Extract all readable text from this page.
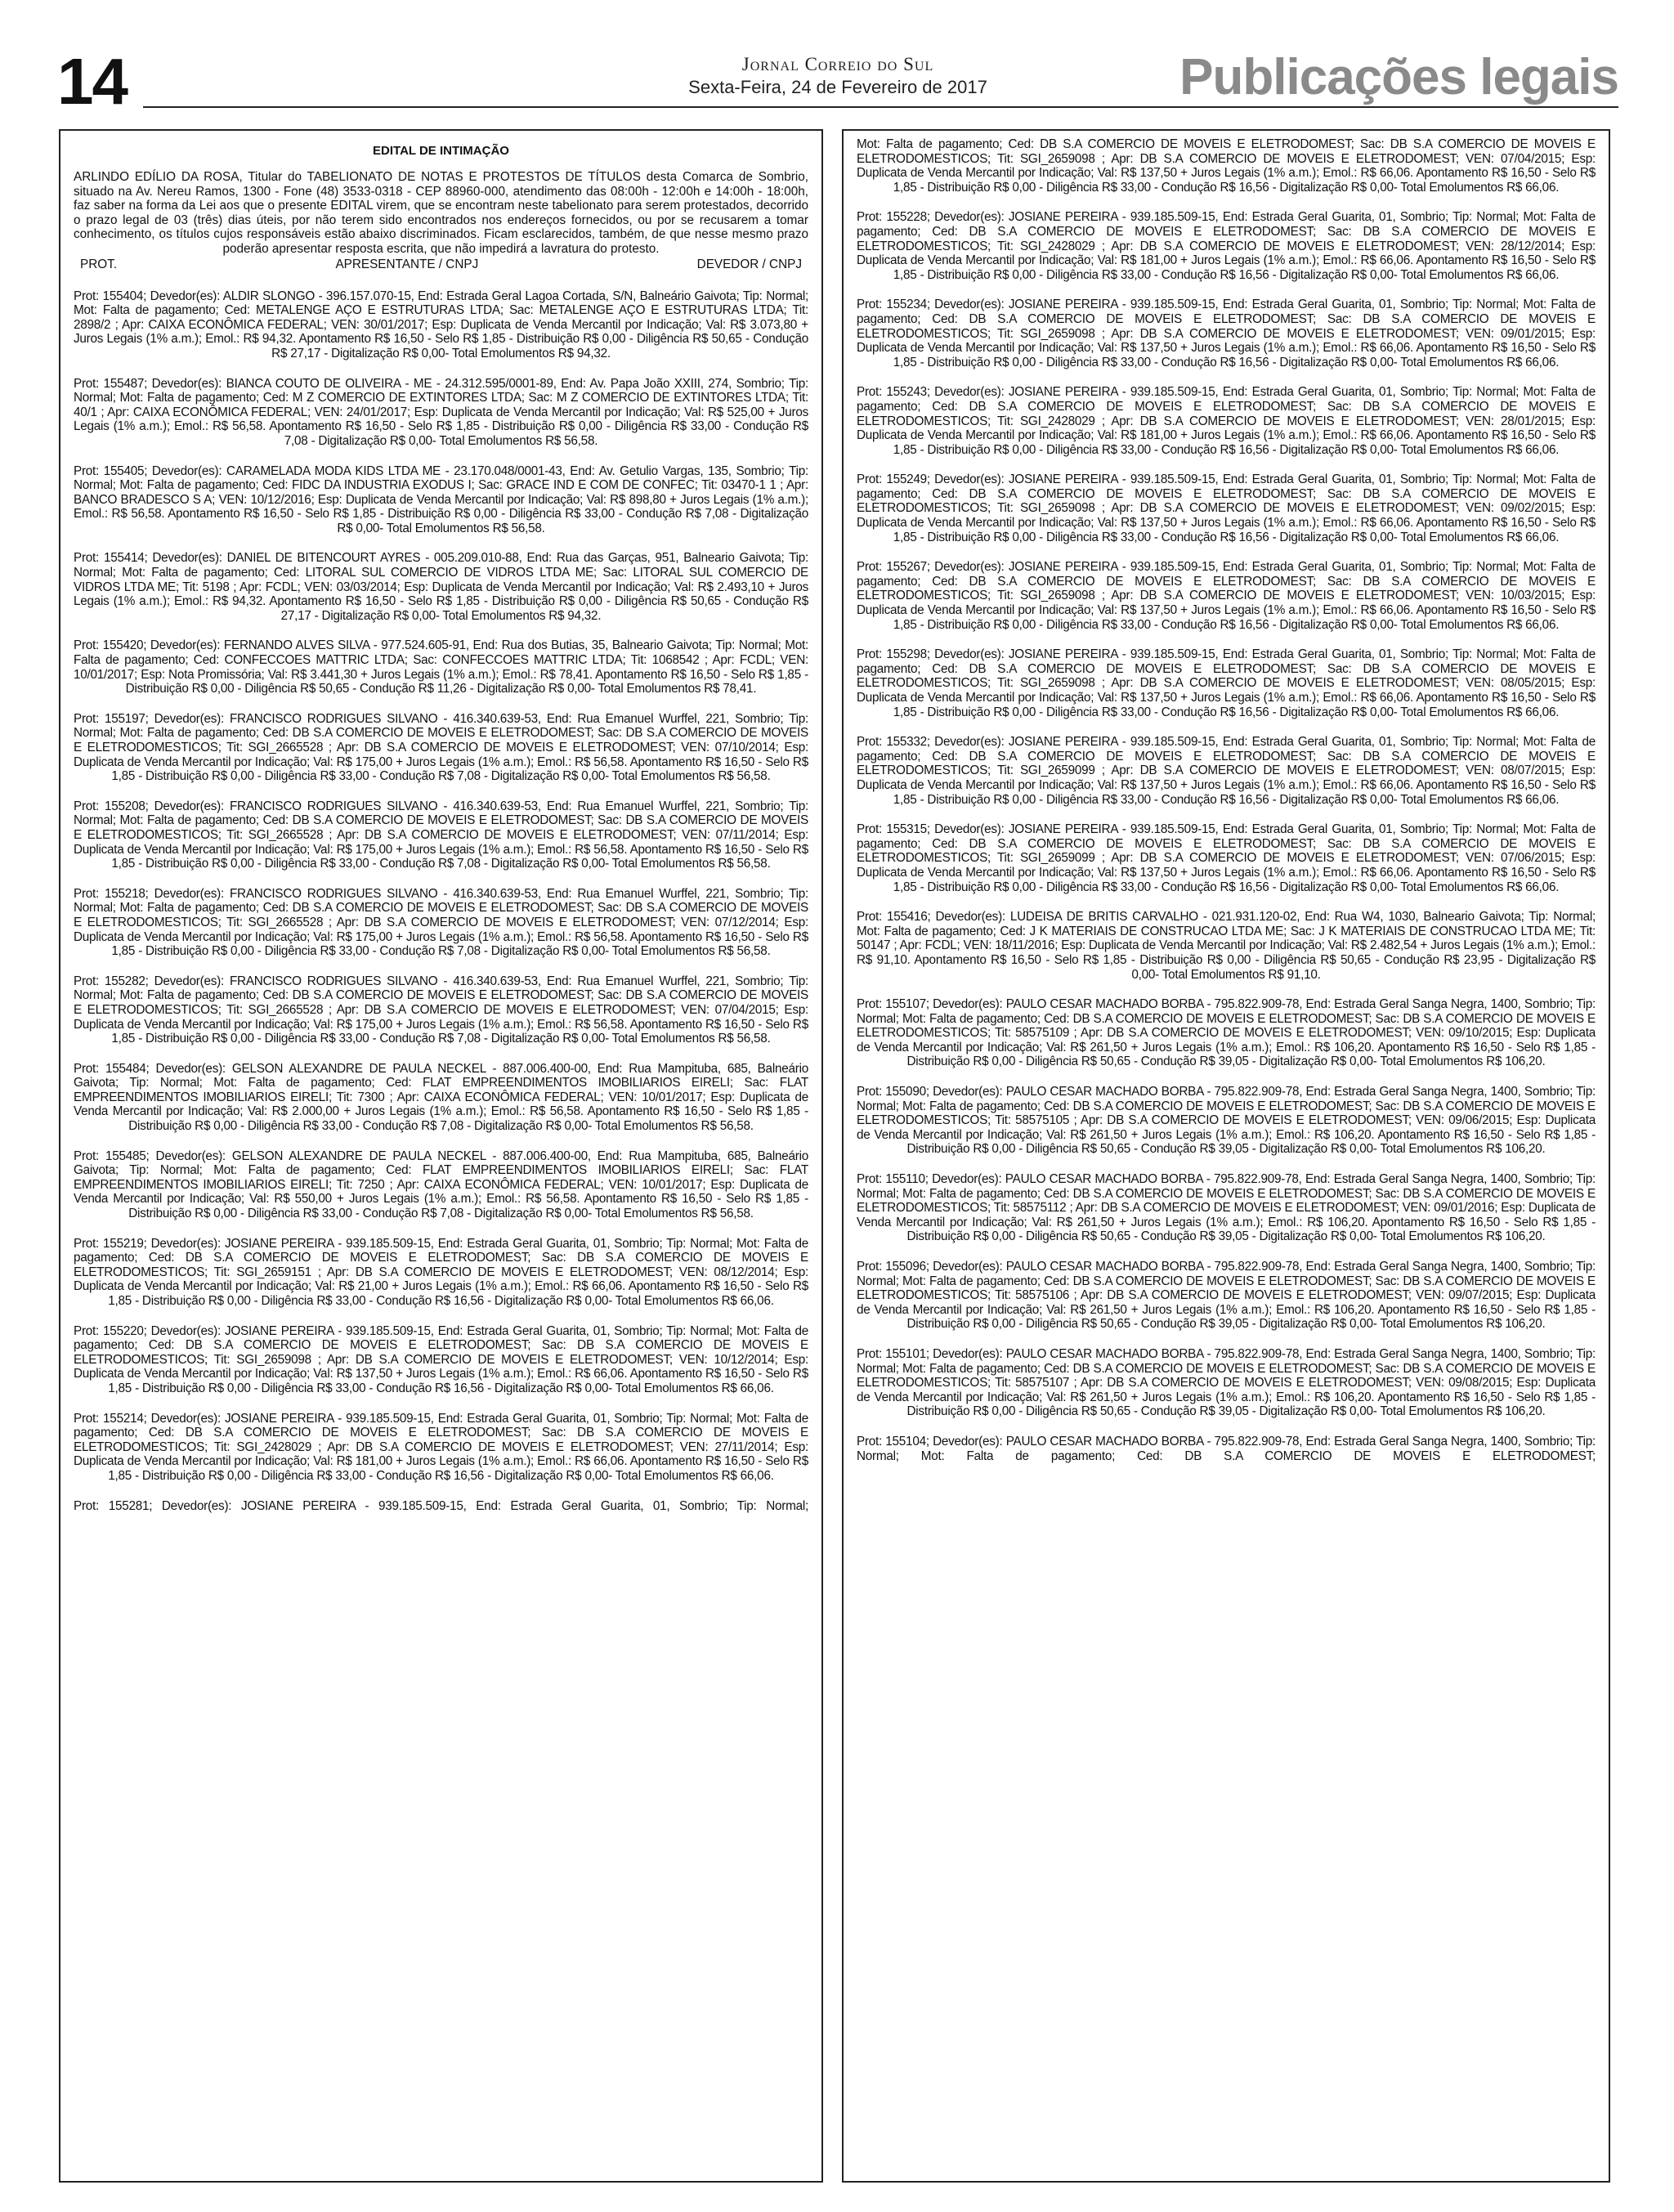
14	Jornal Correio do Sul
Sexta-Feira, 24 de Fevereiro de 2017	Publicações legais
EDITAL DE INTIMAÇÃO
ARLINDO EDÍLIO DA ROSA, Titular do TABELIONATO DE NOTAS E PROTESTOS DE TÍTULOS desta Comarca de Sombrio, situado na Av. Nereu Ramos, 1300 - Fone (48) 3533-0318 - CEP 88960-000, atendimento das 08:00h - 12:00h e 14:00h - 18:00h, faz saber na forma da Lei aos que o presente EDITAL virem, que se encontram neste tabelionato para serem protestados, decorrido o prazo legal de 03 (três) dias úteis, por não terem sido encontrados nos endereços fornecidos, ou por se recusarem a tomar conhecimento, os títulos cujos responsáveis estão abaixo discriminados. Ficam esclarecidos, também, de que nesse mesmo prazo poderão apresentar resposta escrita, que não impedirá a lavratura do protesto.
PROT.	APRESENTANTE / CNPJ	DEVEDOR / CNPJ
Prot: 155404; Devedor(es): ALDIR SLONGO - 396.157.070-15, End: Estrada Geral Lagoa Cortada, S/N, Balneário Gaivota; Tip: Normal; Mot: Falta de pagamento; Ced: METALENGE AÇO E ESTRUTURAS LTDA; Sac: METALENGE AÇO E ESTRUTURAS LTDA; Tit: 2898/2 ; Apr: CAIXA ECONÔMICA FEDERAL; VEN: 30/01/2017; Esp: Duplicata de Venda Mercantil por Indicação; Val: R$ 3.073,80 + Juros Legais (1% a.m.); Emol.: R$ 94,32. Apontamento R$ 16,50 - Selo R$ 1,85 - Distribuição R$ 0,00 - Diligência R$ 50,65 - Condução R$ 27,17 - Digitalização R$ 0,00- Total Emolumentos R$ 94,32.
Prot: 155487; Devedor(es): BIANCA COUTO DE OLIVEIRA - ME - 24.312.595/0001-89, End: Av. Papa João XXIII, 274, Sombrio; Tip: Normal; Mot: Falta de pagamento; Ced: M Z COMERCIO DE EXTINTORES LTDA; Sac: M Z COMERCIO DE EXTINTORES LTDA; Tit: 40/1 ; Apr: CAIXA ECONÔMICA FEDERAL; VEN: 24/01/2017; Esp: Duplicata de Venda Mercantil por Indicação; Val: R$ 525,00 + Juros Legais (1% a.m.); Emol.: R$ 56,58. Apontamento R$ 16,50 - Selo R$ 1,85 - Distribuição R$ 0,00 - Diligência R$ 33,00 - Condução R$ 7,08 - Digitalização R$ 0,00- Total Emolumentos R$ 56,58.
Prot: 155405; Devedor(es): CARAMELADA MODA KIDS LTDA ME - 23.170.048/0001-43, End: Av. Getulio Vargas, 135, Sombrio; Tip: Normal; Mot: Falta de pagamento; Ced: FIDC DA INDUSTRIA EXODUS I; Sac: GRACE IND E COM DE CONFEC; Tit: 03470-1 1 ; Apr: BANCO BRADESCO S A; VEN: 10/12/2016; Esp: Duplicata de Venda Mercantil por Indicação; Val: R$ 898,80 + Juros Legais (1% a.m.); Emol.: R$ 56,58. Apontamento R$ 16,50 - Selo R$ 1,85 - Distribuição R$ 0,00 - Diligência R$ 33,00 - Condução R$ 7,08 - Digitalização R$ 0,00- Total Emolumentos R$ 56,58.
Prot: 155414; Devedor(es): DANIEL DE BITENCOURT AYRES - 005.209.010-88, End: Rua das Garças, 951, Balneario Gaivota; Tip: Normal; Mot: Falta de pagamento; Ced: LITORAL SUL COMERCIO DE VIDROS LTDA ME; Sac: LITORAL SUL COMERCIO DE VIDROS LTDA ME; Tit: 5198 ; Apr: FCDL; VEN: 03/03/2014; Esp: Duplicata de Venda Mercantil por Indicação; Val: R$ 2.493,10 + Juros Legais (1% a.m.); Emol.: R$ 94,32. Apontamento R$ 16,50 - Selo R$ 1,85 - Distribuição R$ 0,00 - Diligência R$ 50,65 - Condução R$ 27,17 - Digitalização R$ 0,00- Total Emolumentos R$ 94,32.
Prot: 155420; Devedor(es): FERNANDO ALVES SILVA - 977.524.605-91, End: Rua dos Butias, 35, Balneario Gaivota; Tip: Normal; Mot: Falta de pagamento; Ced: CONFECCOES MATTRIC LTDA; Sac: CONFECCOES MATTRIC LTDA; Tit: 1068542 ; Apr: FCDL; VEN: 10/01/2017; Esp: Nota Promissória; Val: R$ 3.441,30 + Juros Legais (1% a.m.); Emol.: R$ 78,41. Apontamento R$ 16,50 - Selo R$ 1,85 - Distribuição R$ 0,00 - Diligência R$ 50,65 - Condução R$ 11,26 - Digitalização R$ 0,00- Total Emolumentos R$ 78,41.
Prot: 155197; Devedor(es): FRANCISCO RODRIGUES SILVANO - 416.340.639-53, End: Rua Emanuel Wurffel, 221, Sombrio; Tip: Normal; Mot: Falta de pagamento; Ced: DB S.A COMERCIO DE MOVEIS E ELETRODOMEST; Sac: DB S.A COMERCIO DE MOVEIS E ELETRODOMESTICOS; Tit: SGI_2665528 ; Apr: DB S.A COMERCIO DE MOVEIS E ELETRODOMEST; VEN: 07/10/2014; Esp: Duplicata de Venda Mercantil por Indicação; Val: R$ 175,00 + Juros Legais (1% a.m.); Emol.: R$ 56,58. Apontamento R$ 16,50 - Selo R$ 1,85 - Distribuição R$ 0,00 - Diligência R$ 33,00 - Condução R$ 7,08 - Digitalização R$ 0,00- Total Emolumentos R$ 56,58.
Prot: 155208; Devedor(es): FRANCISCO RODRIGUES SILVANO - 416.340.639-53, End: Rua Emanuel Wurffel, 221, Sombrio; Tip: Normal; Mot: Falta de pagamento; Ced: DB S.A COMERCIO DE MOVEIS E ELETRODOMEST; Sac: DB S.A COMERCIO DE MOVEIS E ELETRODOMESTICOS; Tit: SGI_2665528 ; Apr: DB S.A COMERCIO DE MOVEIS E ELETRODOMEST; VEN: 07/11/2014; Esp: Duplicata de Venda Mercantil por Indicação; Val: R$ 175,00 + Juros Legais (1% a.m.); Emol.: R$ 56,58. Apontamento R$ 16,50 - Selo R$ 1,85 - Distribuição R$ 0,00 - Diligência R$ 33,00 - Condução R$ 7,08 - Digitalização R$ 0,00- Total Emolumentos R$ 56,58.
Prot: 155218; Devedor(es): FRANCISCO RODRIGUES SILVANO - 416.340.639-53, End: Rua Emanuel Wurffel, 221, Sombrio; Tip: Normal; Mot: Falta de pagamento; Ced: DB S.A COMERCIO DE MOVEIS E ELETRODOMEST; Sac: DB S.A COMERCIO DE MOVEIS E ELETRODOMESTICOS; Tit: SGI_2665528 ; Apr: DB S.A COMERCIO DE MOVEIS E ELETRODOMEST; VEN: 07/12/2014; Esp: Duplicata de Venda Mercantil por Indicação; Val: R$ 175,00 + Juros Legais (1% a.m.); Emol.: R$ 56,58. Apontamento R$ 16,50 - Selo R$ 1,85 - Distribuição R$ 0,00 - Diligência R$ 33,00 - Condução R$ 7,08 - Digitalização R$ 0,00- Total Emolumentos R$ 56,58.
Prot: 155282; Devedor(es): FRANCISCO RODRIGUES SILVANO - 416.340.639-53, End: Rua Emanuel Wurffel, 221, Sombrio; Tip: Normal; Mot: Falta de pagamento; Ced: DB S.A COMERCIO DE MOVEIS E ELETRODOMEST; Sac: DB S.A COMERCIO DE MOVEIS E ELETRODOMESTICOS; Tit: SGI_2665528 ; Apr: DB S.A COMERCIO DE MOVEIS E ELETRODOMEST; VEN: 07/04/2015; Esp: Duplicata de Venda Mercantil por Indicação; Val: R$ 175,00 + Juros Legais (1% a.m.); Emol.: R$ 56,58. Apontamento R$ 16,50 - Selo R$ 1,85 - Distribuição R$ 0,00 - Diligência R$ 33,00 - Condução R$ 7,08 - Digitalização R$ 0,00- Total Emolumentos R$ 56,58.
Prot: 155484; Devedor(es): GELSON ALEXANDRE DE PAULA NECKEL - 887.006.400-00, End: Rua Mampituba, 685, Balneário Gaivota; Tip: Normal; Mot: Falta de pagamento; Ced: FLAT EMPREENDIMENTOS IMOBILIARIOS EIRELI; Sac: FLAT EMPREENDIMENTOS IMOBILIARIOS EIRELI; Tit: 7300 ; Apr: CAIXA ECONÔMICA FEDERAL; VEN: 10/01/2017; Esp: Duplicata de Venda Mercantil por Indicação; Val: R$ 2.000,00 + Juros Legais (1% a.m.); Emol.: R$ 56,58. Apontamento R$ 16,50 - Selo R$ 1,85 - Distribuição R$ 0,00 - Diligência R$ 33,00 - Condução R$ 7,08 - Digitalização R$ 0,00- Total Emolumentos R$ 56,58.
Prot: 155485; Devedor(es): GELSON ALEXANDRE DE PAULA NECKEL - 887.006.400-00, End: Rua Mampituba, 685, Balneário Gaivota; Tip: Normal; Mot: Falta de pagamento; Ced: FLAT EMPREENDIMENTOS IMOBILIARIOS EIRELI; Sac: FLAT EMPREENDIMENTOS IMOBILIARIOS EIRELI; Tit: 7250 ; Apr: CAIXA ECONÔMICA FEDERAL; VEN: 10/01/2017; Esp: Duplicata de Venda Mercantil por Indicação; Val: R$ 550,00 + Juros Legais (1% a.m.); Emol.: R$ 56,58. Apontamento R$ 16,50 - Selo R$ 1,85 - Distribuição R$ 0,00 - Diligência R$ 33,00 - Condução R$ 7,08 - Digitalização R$ 0,00- Total Emolumentos R$ 56,58.
Prot: 155219; Devedor(es): JOSIANE PEREIRA - 939.185.509-15, End: Estrada Geral Guarita, 01, Sombrio; Tip: Normal; Mot: Falta de pagamento; Ced: DB S.A COMERCIO DE MOVEIS E ELETRODOMEST; Sac: DB S.A COMERCIO DE MOVEIS E ELETRODOMESTICOS; Tit: SGI_2659151 ; Apr: DB S.A COMERCIO DE MOVEIS E ELETRODOMEST; VEN: 08/12/2014; Esp: Duplicata de Venda Mercantil por Indicação; Val: R$ 21,00 + Juros Legais (1% a.m.); Emol.: R$ 66,06. Apontamento R$ 16,50 - Selo R$ 1,85 - Distribuição R$ 0,00 - Diligência R$ 33,00 - Condução R$ 16,56 - Digitalização R$ 0,00- Total Emolumentos R$ 66,06.
Prot: 155220; Devedor(es): JOSIANE PEREIRA - 939.185.509-15, End: Estrada Geral Guarita, 01, Sombrio; Tip: Normal; Mot: Falta de pagamento; Ced: DB S.A COMERCIO DE MOVEIS E ELETRODOMEST; Sac: DB S.A COMERCIO DE MOVEIS E ELETRODOMESTICOS; Tit: SGI_2659098 ; Apr: DB S.A COMERCIO DE MOVEIS E ELETRODOMEST; VEN: 10/12/2014; Esp: Duplicata de Venda Mercantil por Indicação; Val: R$ 137,50 + Juros Legais (1% a.m.); Emol.: R$ 66,06. Apontamento R$ 16,50 - Selo R$ 1,85 - Distribuição R$ 0,00 - Diligência R$ 33,00 - Condução R$ 16,56 - Digitalização R$ 0,00- Total Emolumentos R$ 66,06.
Prot: 155214; Devedor(es): JOSIANE PEREIRA - 939.185.509-15, End: Estrada Geral Guarita, 01, Sombrio; Tip: Normal; Mot: Falta de pagamento; Ced: DB S.A COMERCIO DE MOVEIS E ELETRODOMEST; Sac: DB S.A COMERCIO DE MOVEIS E ELETRODOMESTICOS; Tit: SGI_2428029 ; Apr: DB S.A COMERCIO DE MOVEIS E ELETRODOMEST; VEN: 27/11/2014; Esp: Duplicata de Venda Mercantil por Indicação; Val: R$ 181,00 + Juros Legais (1% a.m.); Emol.: R$ 66,06. Apontamento R$ 16,50 - Selo R$ 1,85 - Distribuição R$ 0,00 - Diligência R$ 33,00 - Condução R$ 16,56 - Digitalização R$ 0,00- Total Emolumentos R$ 66,06.
Prot: 155281; Devedor(es): JOSIANE PEREIRA - 939.185.509-15, End: Estrada Geral Guarita, 01, Sombrio; Tip: Normal;
Mot: Falta de pagamento; Ced: DB S.A COMERCIO DE MOVEIS E ELETRODOMEST; Sac: DB S.A COMERCIO DE MOVEIS E ELETRODOMESTICOS; Tit: SGI_2659098 ; Apr: DB S.A COMERCIO DE MOVEIS E ELETRODOMEST; VEN: 07/04/2015; Esp: Duplicata de Venda Mercantil por Indicação; Val: R$ 137,50 + Juros Legais (1% a.m.); Emol.: R$ 66,06. Apontamento R$ 16,50 - Selo R$ 1,85 - Distribuição R$ 0,00 - Diligência R$ 33,00 - Condução R$ 16,56 - Digitalização R$ 0,00- Total Emolumentos R$ 66,06.
Prot: 155228; Devedor(es): JOSIANE PEREIRA - 939.185.509-15, End: Estrada Geral Guarita, 01, Sombrio; Tip: Normal; Mot: Falta de pagamento; Ced: DB S.A COMERCIO DE MOVEIS E ELETRODOMEST; Sac: DB S.A COMERCIO DE MOVEIS E ELETRODOMESTICOS; Tit: SGI_2428029 ; Apr: DB S.A COMERCIO DE MOVEIS E ELETRODOMEST; VEN: 28/12/2014; Esp: Duplicata de Venda Mercantil por Indicação; Val: R$ 181,00 + Juros Legais (1% a.m.); Emol.: R$ 66,06. Apontamento R$ 16,50 - Selo R$ 1,85 - Distribuição R$ 0,00 - Diligência R$ 33,00 - Condução R$ 16,56 - Digitalização R$ 0,00- Total Emolumentos R$ 66,06.
Prot: 155234; Devedor(es): JOSIANE PEREIRA - 939.185.509-15, End: Estrada Geral Guarita, 01, Sombrio; Tip: Normal; Mot: Falta de pagamento; Ced: DB S.A COMERCIO DE MOVEIS E ELETRODOMEST; Sac: DB S.A COMERCIO DE MOVEIS E ELETRODOMESTICOS; Tit: SGI_2659098 ; Apr: DB S.A COMERCIO DE MOVEIS E ELETRODOMEST; VEN: 09/01/2015; Esp: Duplicata de Venda Mercantil por Indicação; Val: R$ 137,50 + Juros Legais (1% a.m.); Emol.: R$ 66,06. Apontamento R$ 16,50 - Selo R$ 1,85 - Distribuição R$ 0,00 - Diligência R$ 33,00 - Condução R$ 16,56 - Digitalização R$ 0,00- Total Emolumentos R$ 66,06.
Prot: 155243; Devedor(es): JOSIANE PEREIRA - 939.185.509-15, End: Estrada Geral Guarita, 01, Sombrio; Tip: Normal; Mot: Falta de pagamento; Ced: DB S.A COMERCIO DE MOVEIS E ELETRODOMEST; Sac: DB S.A COMERCIO DE MOVEIS E ELETRODOMESTICOS; Tit: SGI_2428029 ; Apr: DB S.A COMERCIO DE MOVEIS E ELETRODOMEST; VEN: 28/01/2015; Esp: Duplicata de Venda Mercantil por Indicação; Val: R$ 181,00 + Juros Legais (1% a.m.); Emol.: R$ 66,06. Apontamento R$ 16,50 - Selo R$ 1,85 - Distribuição R$ 0,00 - Diligência R$ 33,00 - Condução R$ 16,56 - Digitalização R$ 0,00- Total Emolumentos R$ 66,06.
Prot: 155249; Devedor(es): JOSIANE PEREIRA - 939.185.509-15, End: Estrada Geral Guarita, 01, Sombrio; Tip: Normal; Mot: Falta de pagamento; Ced: DB S.A COMERCIO DE MOVEIS E ELETRODOMEST; Sac: DB S.A COMERCIO DE MOVEIS E ELETRODOMESTICOS; Tit: SGI_2659098 ; Apr: DB S.A COMERCIO DE MOVEIS E ELETRODOMEST; VEN: 09/02/2015; Esp: Duplicata de Venda Mercantil por Indicação; Val: R$ 137,50 + Juros Legais (1% a.m.); Emol.: R$ 66,06. Apontamento R$ 16,50 - Selo R$ 1,85 - Distribuição R$ 0,00 - Diligência R$ 33,00 - Condução R$ 16,56 - Digitalização R$ 0,00- Total Emolumentos R$ 66,06.
Prot: 155267; Devedor(es): JOSIANE PEREIRA - 939.185.509-15, End: Estrada Geral Guarita, 01, Sombrio; Tip: Normal; Mot: Falta de pagamento; Ced: DB S.A COMERCIO DE MOVEIS E ELETRODOMEST; Sac: DB S.A COMERCIO DE MOVEIS E ELETRODOMESTICOS; Tit: SGI_2659098 ; Apr: DB S.A COMERCIO DE MOVEIS E ELETRODOMEST; VEN: 10/03/2015; Esp: Duplicata de Venda Mercantil por Indicação; Val: R$ 137,50 + Juros Legais (1% a.m.); Emol.: R$ 66,06. Apontamento R$ 16,50 - Selo R$ 1,85 - Distribuição R$ 0,00 - Diligência R$ 33,00 - Condução R$ 16,56 - Digitalização R$ 0,00- Total Emolumentos R$ 66,06.
Prot: 155298; Devedor(es): JOSIANE PEREIRA - 939.185.509-15, End: Estrada Geral Guarita, 01, Sombrio; Tip: Normal; Mot: Falta de pagamento; Ced: DB S.A COMERCIO DE MOVEIS E ELETRODOMEST; Sac: DB S.A COMERCIO DE MOVEIS E ELETRODOMESTICOS; Tit: SGI_2659098 ; Apr: DB S.A COMERCIO DE MOVEIS E ELETRODOMEST; VEN: 08/05/2015; Esp: Duplicata de Venda Mercantil por Indicação; Val: R$ 137,50 + Juros Legais (1% a.m.); Emol.: R$ 66,06. Apontamento R$ 16,50 - Selo R$ 1,85 - Distribuição R$ 0,00 - Diligência R$ 33,00 - Condução R$ 16,56 - Digitalização R$ 0,00- Total Emolumentos R$ 66,06.
Prot: 155332; Devedor(es): JOSIANE PEREIRA - 939.185.509-15, End: Estrada Geral Guarita, 01, Sombrio; Tip: Normal; Mot: Falta de pagamento; Ced: DB S.A COMERCIO DE MOVEIS E ELETRODOMEST; Sac: DB S.A COMERCIO DE MOVEIS E ELETRODOMESTICOS; Tit: SGI_2659099 ; Apr: DB S.A COMERCIO DE MOVEIS E ELETRODOMEST; VEN: 08/07/2015; Esp: Duplicata de Venda Mercantil por Indicação; Val: R$ 137,50 + Juros Legais (1% a.m.); Emol.: R$ 66,06. Apontamento R$ 16,50 - Selo R$ 1,85 - Distribuição R$ 0,00 - Diligência R$ 33,00 - Condução R$ 16,56 - Digitalização R$ 0,00- Total Emolumentos R$ 66,06.
Prot: 155315; Devedor(es): JOSIANE PEREIRA - 939.185.509-15, End: Estrada Geral Guarita, 01, Sombrio; Tip: Normal; Mot: Falta de pagamento; Ced: DB S.A COMERCIO DE MOVEIS E ELETRODOMEST; Sac: DB S.A COMERCIO DE MOVEIS E ELETRODOMESTICOS; Tit: SGI_2659099 ; Apr: DB S.A COMERCIO DE MOVEIS E ELETRODOMEST; VEN: 07/06/2015; Esp: Duplicata de Venda Mercantil por Indicação; Val: R$ 137,50 + Juros Legais (1% a.m.); Emol.: R$ 66,06. Apontamento R$ 16,50 - Selo R$ 1,85 - Distribuição R$ 0,00 - Diligência R$ 33,00 - Condução R$ 16,56 - Digitalização R$ 0,00- Total Emolumentos R$ 66,06.
Prot: 155416; Devedor(es): LUDEISA DE BRITIS CARVALHO - 021.931.120-02, End: Rua W4, 1030, Balneario Gaivota; Tip: Normal; Mot: Falta de pagamento; Ced: J K MATERIAIS DE CONSTRUCAO LTDA ME; Sac: J K MATERIAIS DE CONSTRUCAO LTDA ME; Tit: 50147 ; Apr: FCDL; VEN: 18/11/2016; Esp: Duplicata de Venda Mercantil por Indicação; Val: R$ 2.482,54 + Juros Legais (1% a.m.); Emol.: R$ 91,10. Apontamento R$ 16,50 - Selo R$ 1,85 - Distribuição R$ 0,00 - Diligência R$ 50,65 - Condução R$ 23,95 - Digitalização R$ 0,00- Total Emolumentos R$ 91,10.
Prot: 155107; Devedor(es): PAULO CESAR MACHADO BORBA - 795.822.909-78, End: Estrada Geral Sanga Negra, 1400, Sombrio; Tip: Normal; Mot: Falta de pagamento; Ced: DB S.A COMERCIO DE MOVEIS E ELETRODOMEST; Sac: DB S.A COMERCIO DE MOVEIS E ELETRODOMESTICOS; Tit: 58575109 ; Apr: DB S.A COMERCIO DE MOVEIS E ELETRODOMEST; VEN: 09/10/2015; Esp: Duplicata de Venda Mercantil por Indicação; Val: R$ 261,50 + Juros Legais (1% a.m.); Emol.: R$ 106,20. Apontamento R$ 16,50 - Selo R$ 1,85 - Distribuição R$ 0,00 - Diligência R$ 50,65 - Condução R$ 39,05 - Digitalização R$ 0,00- Total Emolumentos R$ 106,20.
Prot: 155090; Devedor(es): PAULO CESAR MACHADO BORBA - 795.822.909-78, End: Estrada Geral Sanga Negra, 1400, Sombrio; Tip: Normal; Mot: Falta de pagamento; Ced: DB S.A COMERCIO DE MOVEIS E ELETRODOMEST; Sac: DB S.A COMERCIO DE MOVEIS E ELETRODOMESTICOS; Tit: 58575105 ; Apr: DB S.A COMERCIO DE MOVEIS E ELETRODOMEST; VEN: 09/06/2015; Esp: Duplicata de Venda Mercantil por Indicação; Val: R$ 261,50 + Juros Legais (1% a.m.); Emol.: R$ 106,20. Apontamento R$ 16,50 - Selo R$ 1,85 - Distribuição R$ 0,00 - Diligência R$ 50,65 - Condução R$ 39,05 - Digitalização R$ 0,00- Total Emolumentos R$ 106,20.
Prot: 155110; Devedor(es): PAULO CESAR MACHADO BORBA - 795.822.909-78, End: Estrada Geral Sanga Negra, 1400, Sombrio; Tip: Normal; Mot: Falta de pagamento; Ced: DB S.A COMERCIO DE MOVEIS E ELETRODOMEST; Sac: DB S.A COMERCIO DE MOVEIS E ELETRODOMESTICOS; Tit: 58575112 ; Apr: DB S.A COMERCIO DE MOVEIS E ELETRODOMEST; VEN: 09/01/2016; Esp: Duplicata de Venda Mercantil por Indicação; Val: R$ 261,50 + Juros Legais (1% a.m.); Emol.: R$ 106,20. Apontamento R$ 16,50 - Selo R$ 1,85 - Distribuição R$ 0,00 - Diligência R$ 50,65 - Condução R$ 39,05 - Digitalização R$ 0,00- Total Emolumentos R$ 106,20.
Prot: 155096; Devedor(es): PAULO CESAR MACHADO BORBA - 795.822.909-78, End: Estrada Geral Sanga Negra, 1400, Sombrio; Tip: Normal; Mot: Falta de pagamento; Ced: DB S.A COMERCIO DE MOVEIS E ELETRODOMEST; Sac: DB S.A COMERCIO DE MOVEIS E ELETRODOMESTICOS; Tit: 58575106 ; Apr: DB S.A COMERCIO DE MOVEIS E ELETRODOMEST; VEN: 09/07/2015; Esp: Duplicata de Venda Mercantil por Indicação; Val: R$ 261,50 + Juros Legais (1% a.m.); Emol.: R$ 106,20. Apontamento R$ 16,50 - Selo R$ 1,85 - Distribuição R$ 0,00 - Diligência R$ 50,65 - Condução R$ 39,05 - Digitalização R$ 0,00- Total Emolumentos R$ 106,20.
Prot: 155101; Devedor(es): PAULO CESAR MACHADO BORBA - 795.822.909-78, End: Estrada Geral Sanga Negra, 1400, Sombrio; Tip: Normal; Mot: Falta de pagamento; Ced: DB S.A COMERCIO DE MOVEIS E ELETRODOMEST; Sac: DB S.A COMERCIO DE MOVEIS E ELETRODOMESTICOS; Tit: 58575107 ; Apr: DB S.A COMERCIO DE MOVEIS E ELETRODOMEST; VEN: 09/08/2015; Esp: Duplicata de Venda Mercantil por Indicação; Val: R$ 261,50 + Juros Legais (1% a.m.); Emol.: R$ 106,20. Apontamento R$ 16,50 - Selo R$ 1,85 - Distribuição R$ 0,00 - Diligência R$ 50,65 - Condução R$ 39,05 - Digitalização R$ 0,00- Total Emolumentos R$ 106,20.
Prot: 155104; Devedor(es): PAULO CESAR MACHADO BORBA - 795.822.909-78, End: Estrada Geral Sanga Negra, 1400, Sombrio; Tip: Normal; Mot: Falta de pagamento; Ced: DB S.A COMERCIO DE MOVEIS E ELETRODOMEST;
